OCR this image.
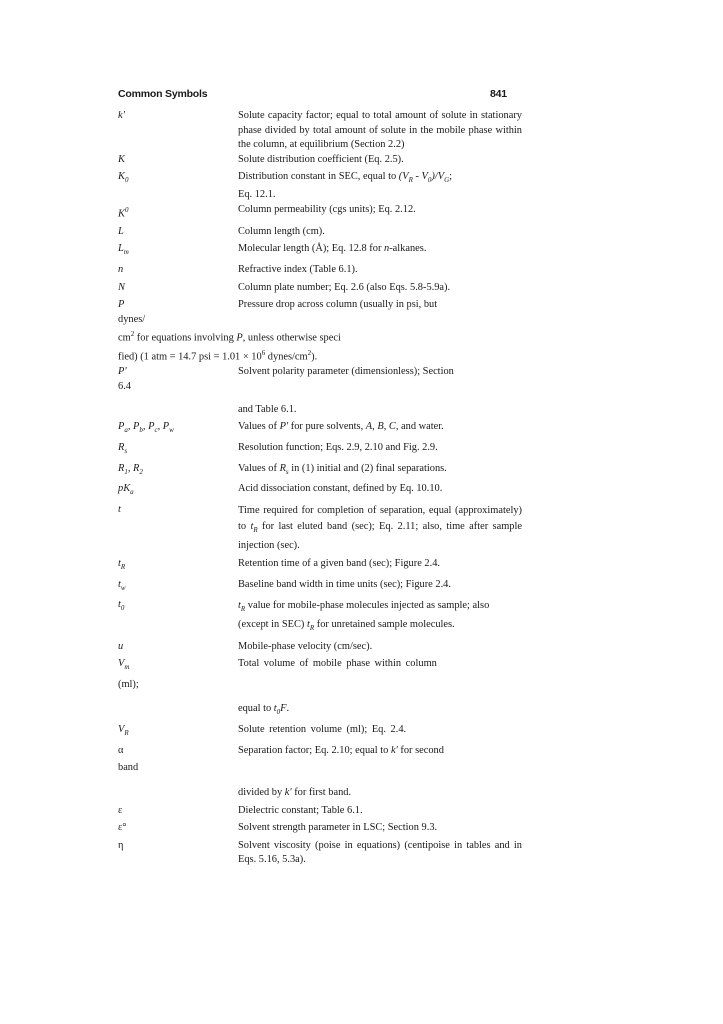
Common Symbols	841
k'	Solute capacity factor; equal to total amount of solute in stationary phase divided by total amount of solute in the mobile phase within the column, at equilibrium (Section 2.2)
K	Solute distribution coefficient (Eq. 2.5).
$K_0$	Distribution constant in SEC, equal to $(V_R - V_0)/V_G$;
Eq. 12.1.
$K^0$	Column permeability (cgs units); Eq. 2.12.
L	Column length (cm).
$L_m$	Molecular length (Å); Eq. 12.8 for n-alkanes.
n	Refractive index (Table 6.1).
N	Column plate number; Eq. 2.6 (also Eqs. 5.8-5.9a).
P	Pressure drop across column (usually in psi, but
dynes/
$cm^2$ for equations involving P, unless otherwise speci
fied) (1 atm = 14.7 psi = $1.01 \times 10^6$ dynes/$cm^2$).
P'	Solvent polarity parameter (dimensionless); Section
6.4
and Table 6.1.
$P_a$, $P_b$, $P_c$, $P_w$	Values of P' for pure solvents, A, B, C, and water.
$R_s$	Resolution function; Eqs. 2.9, 2.10 and Fig. 2.9.
$R_1$, $R_2$	Values of $R_s$ in (1) initial and (2) final separations.
$pK_a$	Acid dissociation constant, defined by Eq. 10.10.
t	Time required for completion of separation, equal (approximately) to $t_R$ for last eluted band (sec); Eq. 2.11; also, time after sample injection (sec).
$t_R$	Retention time of a given band (sec); Figure 2.4.
$t_w$	Baseline band width in time units (sec); Figure 2.4.
$t_0$	$t_R$ value for mobile-phase molecules injected as sample; also (except in SEC) $t_R$ for unretained sample molecules.
u	Mobile-phase velocity (cm/sec).
$V_m$	Total volume of mobile phase within column
(ml);
equal to $t_0F$.
$V_R$	Solute retention volume (ml); Eq. 2.4.
α	Separation factor; Eq. 2.10; equal to k' for second
band
divided by k' for first band.
ε	Dielectric constant; Table 6.1.
ε°	Solvent strength parameter in LSC; Section 9.3.
η	Solvent viscosity (poise in equations) (centipoise in tables and in Eqs. 5.16, 5.3a).
